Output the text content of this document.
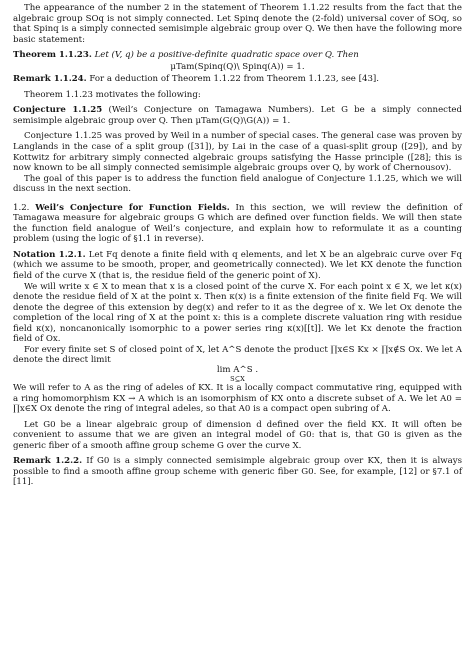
The appearance of the number 2 in the statement of Theorem 1.1.22 results from the fact that the algebraic group SOq is not simply connected. Let Spinq denote the (2-fold) universal cover of SOq, so that Spinq is a simply connected semisimple algebraic group over Q. We then have the following more basic statement:

Theorem 1.1.23. Let (V, q) be a positive-definite quadratic space over Q. Then

μTam(Spinq(Q)\ Spinq(A)) = 1.

Remark 1.1.24. For a deduction of Theorem 1.1.22 from Theorem 1.1.23, see [43].

Theorem 1.1.23 motivates the following:

Conjecture 1.1.25 (Weil’s Conjecture on Tamagawa Numbers). Let G be a simply connected semisimple algebraic group over Q. Then μTam(G(Q)\G(A)) = 1.

Conjecture 1.1.25 was proved by Weil in a number of special cases. The general case was proven by Langlands in the case of a split group ([31]), by Lai in the case of a quasi-split group ([29]), and by Kottwitz for arbitrary simply connected algebraic groups satisfying the Hasse principle ([28]; this is now known to be all simply connected semisimple algebraic groups over Q, by work of Chernousov).

The goal of this paper is to address the function field analogue of Conjecture 1.1.25, which we will discuss in the next section.

1.2. Weil’s Conjecture for Function Fields. In this section, we will review the definition of Tamagawa measure for algebraic groups G which are defined over function fields. We will then state the function field analogue of Weil’s conjecture, and explain how to reformulate it as a counting problem (using the logic of §1.1 in reverse).

Notation 1.2.1. Let Fq denote a finite field with q elements, and let X be an algebraic curve over Fq (which we assume to be smooth, proper, and geometrically connected). We let KX denote the function field of the curve X (that is, the residue field of the generic point of X).

We will write x ∈ X to mean that x is a closed point of the curve X. For each point x ∈ X, we let κ(x) denote the residue field of X at the point x. Then κ(x) is a finite extension of the finite field Fq. We will denote the degree of this extension by deg(x) and refer to it as the degree of x. We let Ox denote the completion of the local ring of X at the point x: this is a complete discrete valuation ring with residue field κ(x), noncanonically isomorphic to a power series ring κ(x)[[t]]. We let Kx denote the fraction field of Ox.

For every finite set S of closed point of X, let A^S denote the product ∏x∈S Kx × ∏x∉S Ox. We let A denote the direct limit

lim A^S .
S⊆X

We will refer to A as the ring of adeles of KX. It is a locally compact commutative ring, equipped with a ring homomorphism KX → A which is an isomorphism of KX onto a discrete subset of A. We let A0 = ∏x∈X Ox denote the ring of integral adeles, so that A0 is a compact open subring of A.

Let G0 be a linear algebraic group of dimension d defined over the field KX. It will often be convenient to assume that we are given an integral model of G0: that is, that G0 is given as the generic fiber of a smooth affine group scheme G over the curve X.

Remark 1.2.2. If G0 is a simply connected semisimple algebraic group over KX, then it is always possible to find a smooth affine group scheme with generic fiber G0. See, for example, [12] or §7.1 of [11].
